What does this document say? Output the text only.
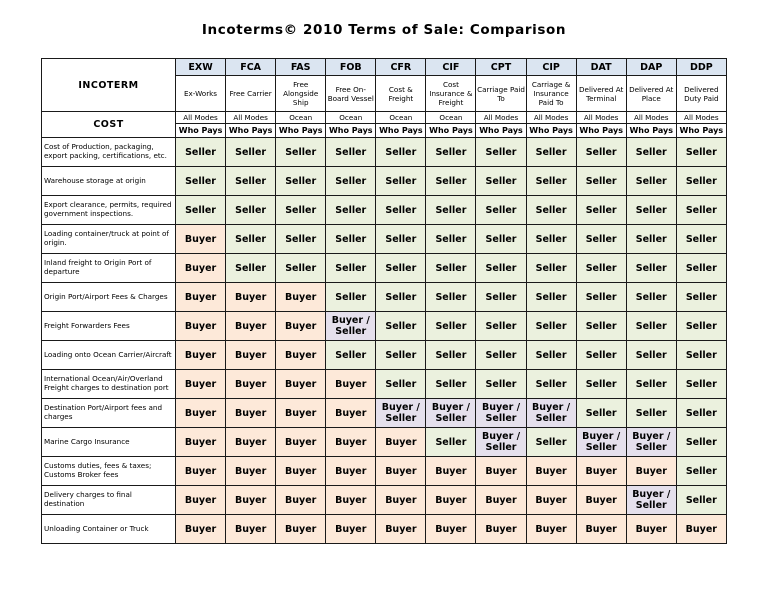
Incoterms© 2010 Terms of Sale: Comparison
INCOTERM	EXW	FCA	FAS	FOB	CFR	CIF	CPT	CIP	DAT	DAP	DDP
	Ex-Works	Free Carrier	Free Alongside Ship	Free On-Board Vessel	Cost & Freight	Cost Insurance & Freight	Carriage Paid To	Carriage & Insurance Paid To	Delivered At Terminal	Delivered At Place	Delivered Duty Paid
COST	All Modes	All Modes	Ocean	Ocean	Ocean	Ocean	All Modes	All Modes	All Modes	All Modes	All Modes
	Who Pays	Who Pays	Who Pays	Who Pays	Who Pays	Who Pays	Who Pays	Who Pays	Who Pays	Who Pays	Who Pays
Cost of Production, packaging, export packing, certifications, etc.	Seller	Seller	Seller	Seller	Seller	Seller	Seller	Seller	Seller	Seller	Seller
Warehouse storage at origin	Seller	Seller	Seller	Seller	Seller	Seller	Seller	Seller	Seller	Seller	Seller
Export clearance, permits, required government inspections.	Seller	Seller	Seller	Seller	Seller	Seller	Seller	Seller	Seller	Seller	Seller
Loading container/truck at point of origin.	Buyer	Seller	Seller	Seller	Seller	Seller	Seller	Seller	Seller	Seller	Seller
Inland freight to Origin Port of departure	Buyer	Seller	Seller	Seller	Seller	Seller	Seller	Seller	Seller	Seller	Seller
Origin Port/Airport Fees & Charges	Buyer	Buyer	Buyer	Seller	Seller	Seller	Seller	Seller	Seller	Seller	Seller
Freight Forwarders Fees	Buyer	Buyer	Buyer	Buyer / Seller	Seller	Seller	Seller	Seller	Seller	Seller	Seller
Loading onto Ocean Carrier/Aircraft	Buyer	Buyer	Buyer	Seller	Seller	Seller	Seller	Seller	Seller	Seller	Seller
International Ocean/Air/Overland Freight charges to destination port	Buyer	Buyer	Buyer	Buyer	Seller	Seller	Seller	Seller	Seller	Seller	Seller
Destination Port/Airport fees and charges	Buyer	Buyer	Buyer	Buyer	Buyer / Seller	Buyer / Seller	Buyer / Seller	Buyer / Seller	Seller	Seller	Seller
Marine Cargo Insurance	Buyer	Buyer	Buyer	Buyer	Buyer	Seller	Buyer / Seller	Seller	Buyer / Seller	Buyer / Seller	Seller
Customs duties, fees & taxes; Customs Broker fees	Buyer	Buyer	Buyer	Buyer	Buyer	Buyer	Buyer	Buyer	Buyer	Buyer	Seller
Delivery charges to final destination	Buyer	Buyer	Buyer	Buyer	Buyer	Buyer	Buyer	Buyer	Buyer	Buyer / Seller	Seller
Unloading Container or Truck	Buyer	Buyer	Buyer	Buyer	Buyer	Buyer	Buyer	Buyer	Buyer	Buyer	Buyer
